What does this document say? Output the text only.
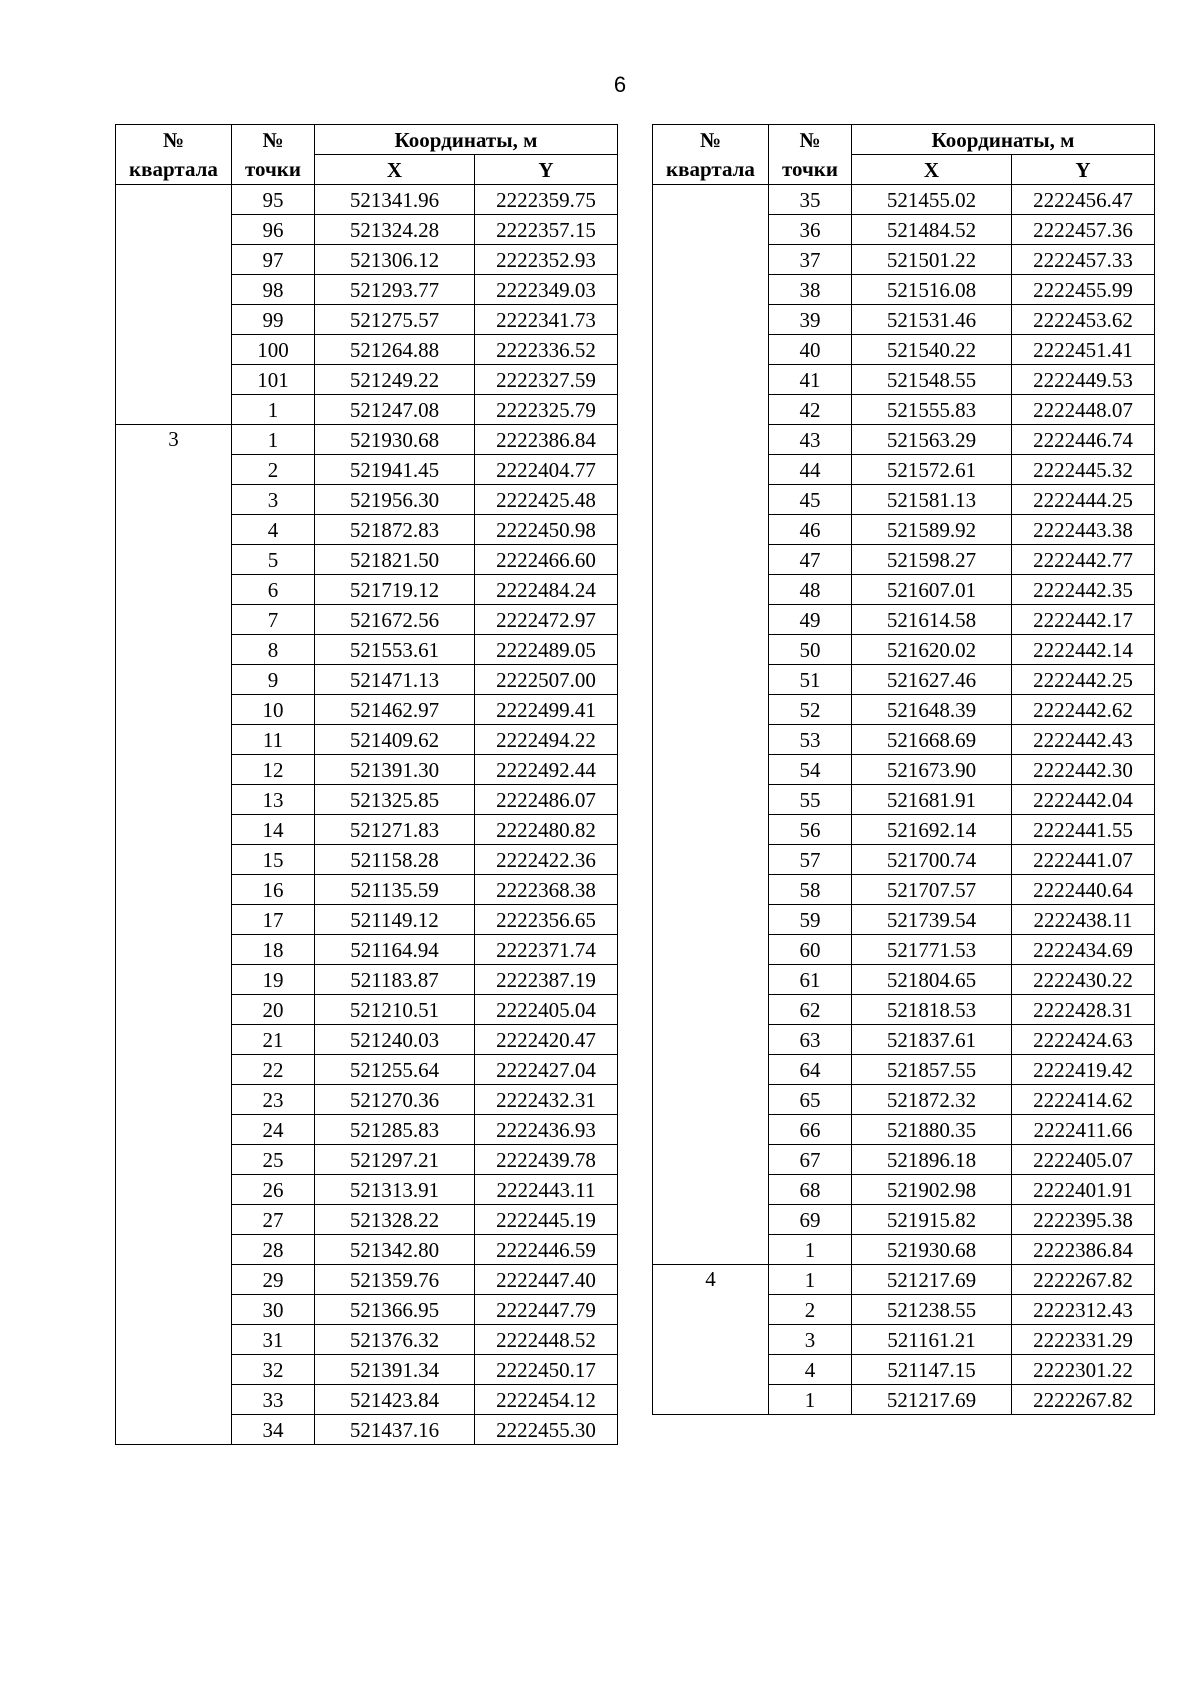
6
№
квартала	№
точки	Координаты, м	
		X	Y
	95	521341.96	2222359.75
	96	521324.28	2222357.15
	97	521306.12	2222352.93
	98	521293.77	2222349.03
	99	521275.57	2222341.73
	100	521264.88	2222336.52
	101	521249.22	2222327.59
	1	521247.08	2222325.79
3	1	521930.68	2222386.84
	2	521941.45	2222404.77
	3	521956.30	2222425.48
	4	521872.83	2222450.98
	5	521821.50	2222466.60
	6	521719.12	2222484.24
	7	521672.56	2222472.97
	8	521553.61	2222489.05
	9	521471.13	2222507.00
	10	521462.97	2222499.41
	11	521409.62	2222494.22
	12	521391.30	2222492.44
	13	521325.85	2222486.07
	14	521271.83	2222480.82
	15	521158.28	2222422.36
	16	521135.59	2222368.38
	17	521149.12	2222356.65
	18	521164.94	2222371.74
	19	521183.87	2222387.19
	20	521210.51	2222405.04
	21	521240.03	2222420.47
	22	521255.64	2222427.04
	23	521270.36	2222432.31
	24	521285.83	2222436.93
	25	521297.21	2222439.78
	26	521313.91	2222443.11
	27	521328.22	2222445.19
	28	521342.80	2222446.59
	29	521359.76	2222447.40
	30	521366.95	2222447.79
	31	521376.32	2222448.52
	32	521391.34	2222450.17
	33	521423.84	2222454.12
	34	521437.16	2222455.30
№
квартала	№
точки	Координаты, м	
		X	Y
	35	521455.02	2222456.47
	36	521484.52	2222457.36
	37	521501.22	2222457.33
	38	521516.08	2222455.99
	39	521531.46	2222453.62
	40	521540.22	2222451.41
	41	521548.55	2222449.53
	42	521555.83	2222448.07
	43	521563.29	2222446.74
	44	521572.61	2222445.32
	45	521581.13	2222444.25
	46	521589.92	2222443.38
	47	521598.27	2222442.77
	48	521607.01	2222442.35
	49	521614.58	2222442.17
	50	521620.02	2222442.14
	51	521627.46	2222442.25
	52	521648.39	2222442.62
	53	521668.69	2222442.43
	54	521673.90	2222442.30
	55	521681.91	2222442.04
	56	521692.14	2222441.55
	57	521700.74	2222441.07
	58	521707.57	2222440.64
	59	521739.54	2222438.11
	60	521771.53	2222434.69
	61	521804.65	2222430.22
	62	521818.53	2222428.31
	63	521837.61	2222424.63
	64	521857.55	2222419.42
	65	521872.32	2222414.62
	66	521880.35	2222411.66
	67	521896.18	2222405.07
	68	521902.98	2222401.91
	69	521915.82	2222395.38
	1	521930.68	2222386.84
4	1	521217.69	2222267.82
	2	521238.55	2222312.43
	3	521161.21	2222331.29
	4	521147.15	2222301.22
	1	521217.69	2222267.82
